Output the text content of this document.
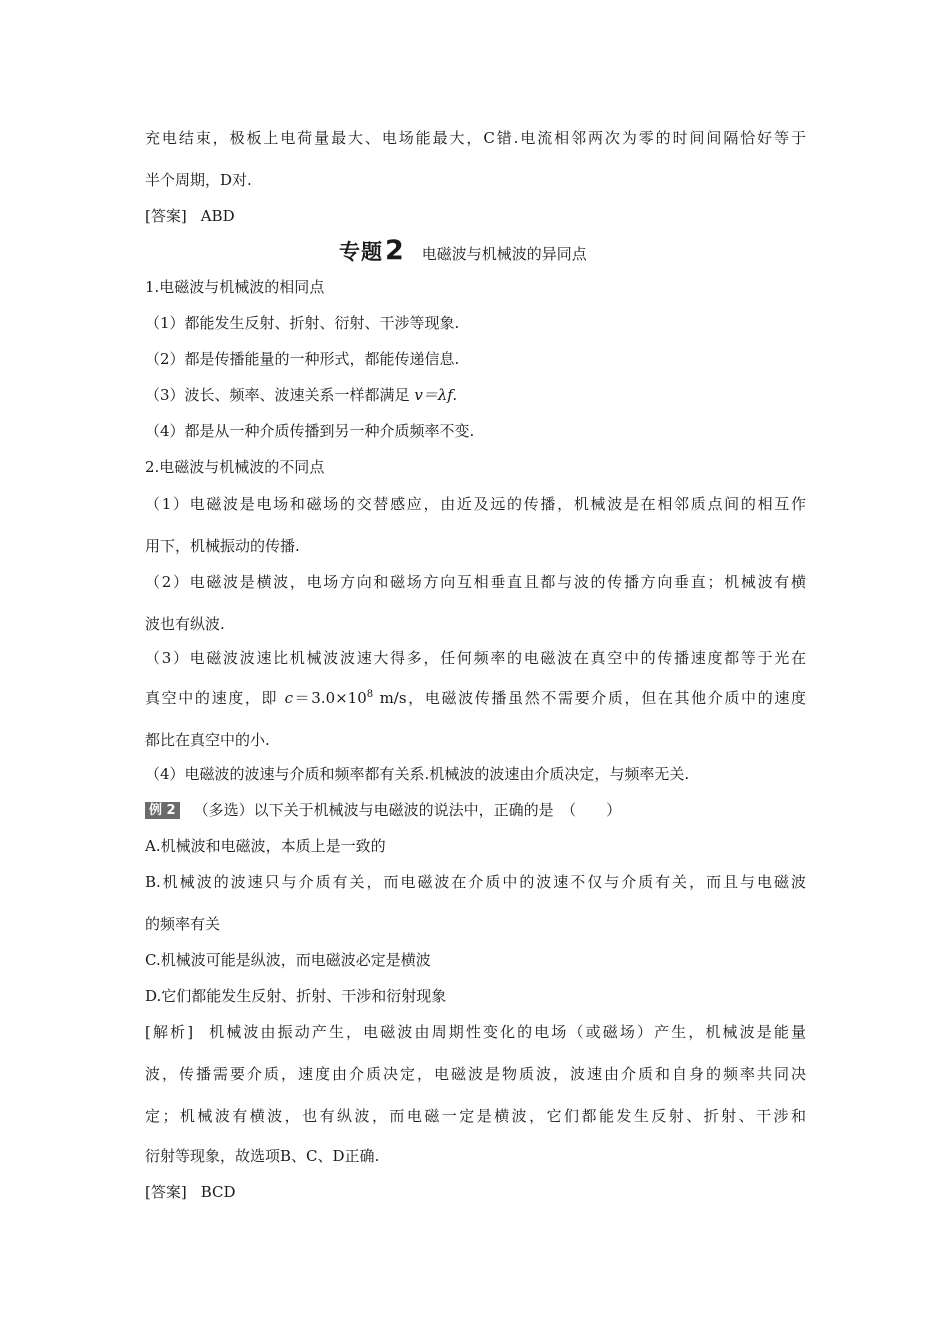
充电结束，极板上电荷量最大、电场能最大，C错.电流相邻两次为零的时间间隔恰好等于

半个周期，D对.

[答案] ABD

专题 2 电磁波与机械波的异同点

1.电磁波与机械波的相同点

（1）都能发生反射、折射、衍射、干涉等现象.

（2）都是传播能量的一种形式，都能传递信息.

（3）波长、频率、波速关系一样都满足 v＝λf.

（4）都是从一种介质传播到另一种介质频率不变.

2.电磁波与机械波的不同点

（1）电磁波是电场和磁场的交替感应，由近及远的传播，机械波是在相邻质点间的相互作

用下，机械振动的传播.

（2）电磁波是横波，电场方向和磁场方向互相垂直且都与波的传播方向垂直；机械波有横

波也有纵波.

（3）电磁波波速比机械波波速大得多，任何频率的电磁波在真空中的传播速度都等于光在

真空中的速度，即 $c=3.0\times 10^8$ m/s，电磁波传播虽然不需要介质，但在其他介质中的速度

都比在真空中的小.

（4）电磁波的波速与介质和频率都有关系.机械波的波速由介质决定，与频率无关.

例 2 （多选）以下关于机械波与电磁波的说法中，正确的是　（　　）

A.机械波和电磁波，本质上是一致的

B.机械波的波速只与介质有关，而电磁波在介质中的波速不仅与介质有关，而且与电磁波

的频率有关

C.机械波可能是纵波，而电磁波必定是横波

D.它们都能发生反射、折射、干涉和衍射现象

[解析] 机械波由振动产生，电磁波由周期性变化的电场（或磁场）产生，机械波是能量

波，传播需要介质，速度由介质决定，电磁波是物质波，波速由介质和自身的频率共同决

定；机械波有横波，也有纵波，而电磁一定是横波，它们都能发生反射、折射、干涉和

衍射等现象，故选项B、C、D正确.

[答案] BCD
